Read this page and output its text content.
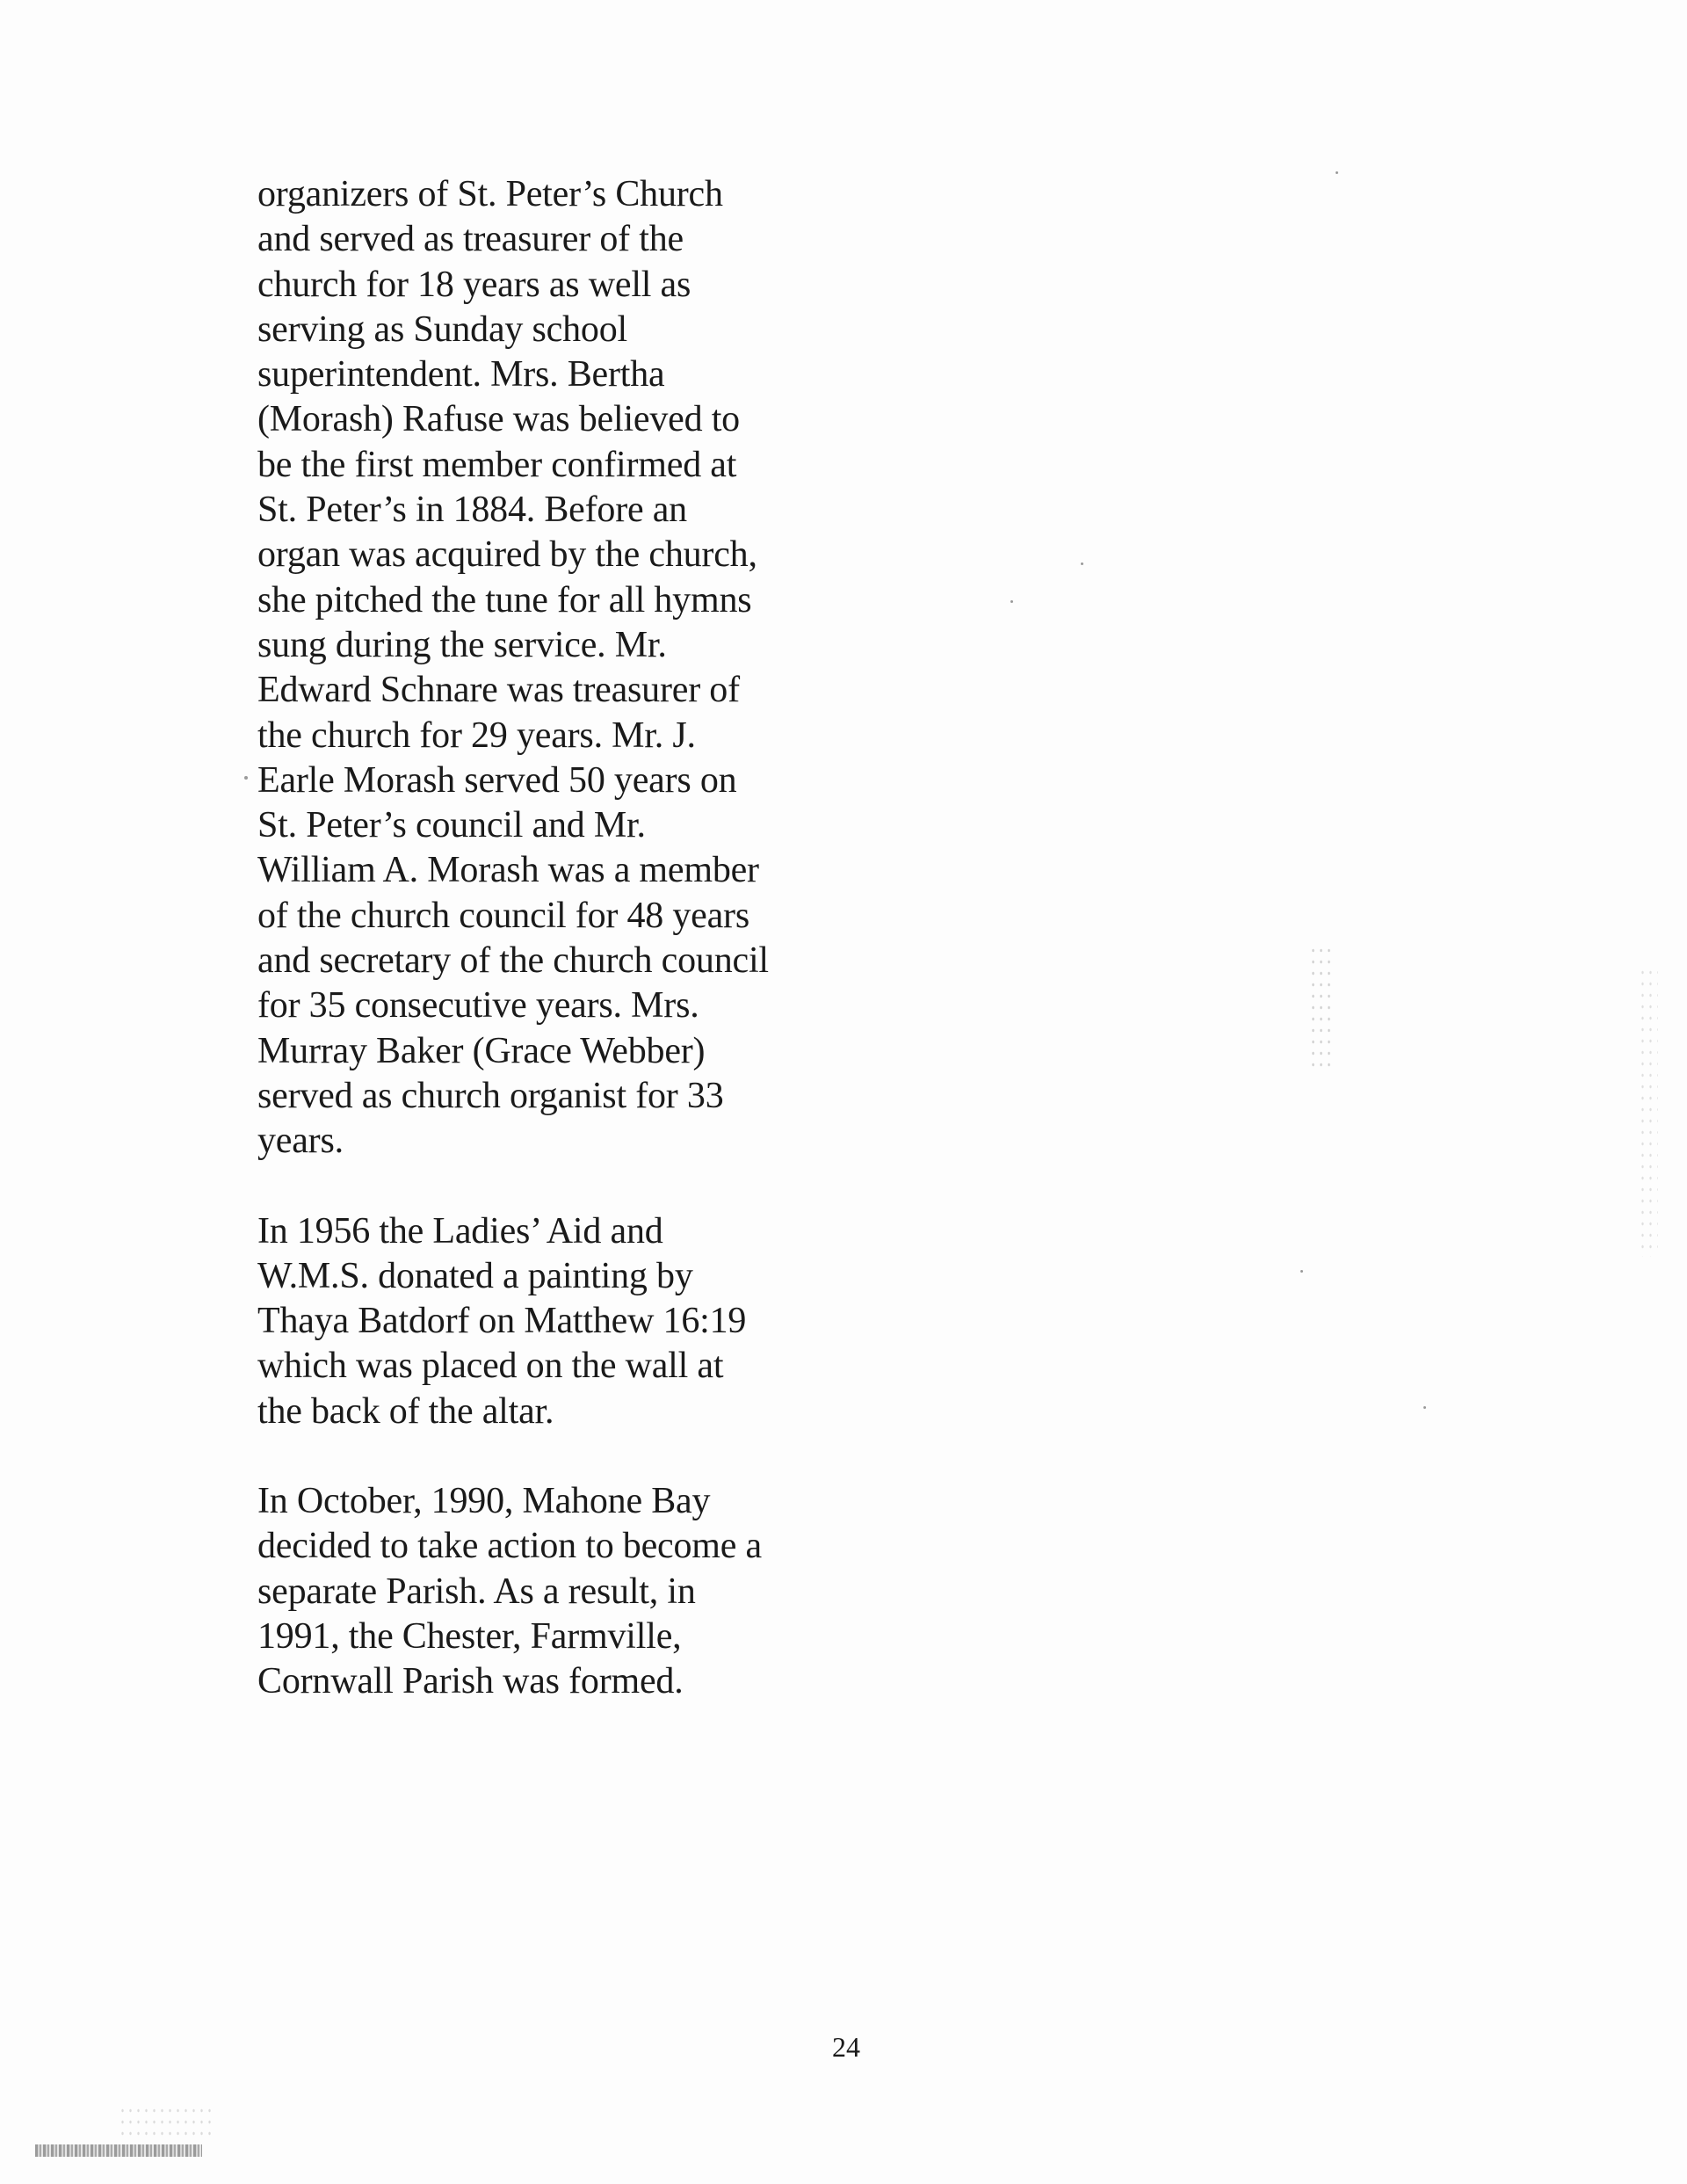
organizers of St. Peter’s Church
and served as treasurer of the
church for 18 years as well as
serving as Sunday school
superintendent. Mrs. Bertha
(Morash) Rafuse was believed to
be the first member confirmed at
St. Peter’s in 1884. Before an
organ was acquired by the church,
she pitched the tune for all hymns
sung during the service. Mr.
Edward Schnare was treasurer of
the church for 29 years. Mr. J.
Earle Morash served 50 years on
St. Peter’s council and Mr.
William A. Morash was a member
of the church council for 48 years
and secretary of the church council
for 35 consecutive years. Mrs.
Murray Baker (Grace Webber)
served as church organist for 33
years.
In 1956 the Ladies’ Aid and
W.M.S. donated a painting by
Thaya Batdorf on Matthew 16:19
which was placed on the wall at
the back of the altar.
In October, 1990, Mahone Bay
decided to take action to become a
separate Parish. As a result, in
1991, the Chester, Farmville,
Cornwall Parish was formed.
24
